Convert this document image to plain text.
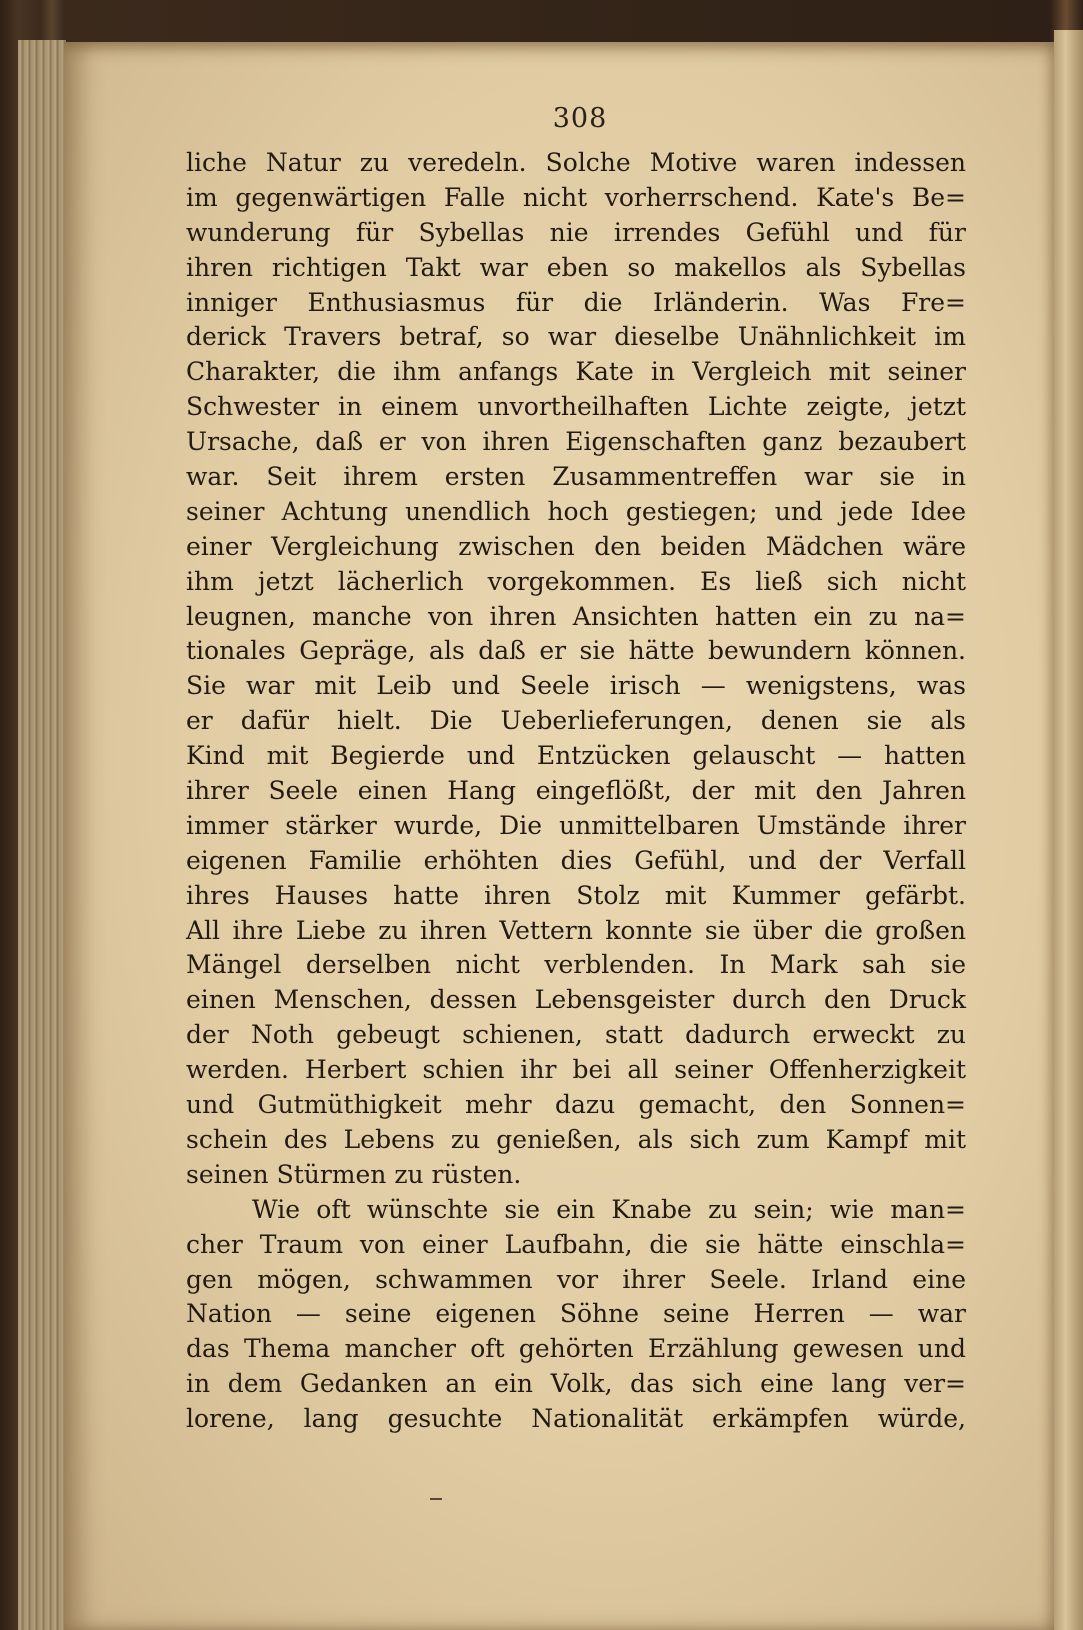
308
liche Natur zu veredeln. Solche Motive waren indessen
im gegenwärtigen Falle nicht vorherrschend. Kate's Be=
wunderung für Sybellas nie irrendes Gefühl und für
ihren richtigen Takt war eben so makellos als Sybellas
inniger Enthusiasmus für die Irländerin. Was Fre=
derick Travers betraf, so war dieselbe Unähnlichkeit im
Charakter, die ihm anfangs Kate in Vergleich mit seiner
Schwester in einem unvortheilhaften Lichte zeigte, jetzt
Ursache, daß er von ihren Eigenschaften ganz bezaubert
war. Seit ihrem ersten Zusammentreffen war sie in
seiner Achtung unendlich hoch gestiegen; und jede Idee
einer Vergleichung zwischen den beiden Mädchen wäre
ihm jetzt lächerlich vorgekommen. Es ließ sich nicht
leugnen, manche von ihren Ansichten hatten ein zu na=
tionales Gepräge, als daß er sie hätte bewundern können.
Sie war mit Leib und Seele irisch — wenigstens, was
er dafür hielt. Die Ueberlieferungen, denen sie als
Kind mit Begierde und Entzücken gelauscht — hatten
ihrer Seele einen Hang eingeflößt, der mit den Jahren
immer stärker wurde, Die unmittelbaren Umstände ihrer
eigenen Familie erhöhten dies Gefühl, und der Verfall
ihres Hauses hatte ihren Stolz mit Kummer gefärbt.
All ihre Liebe zu ihren Vettern konnte sie über die großen
Mängel derselben nicht verblenden. In Mark sah sie
einen Menschen, dessen Lebensgeister durch den Druck
der Noth gebeugt schienen, statt dadurch erweckt zu
werden. Herbert schien ihr bei all seiner Offenherzigkeit
und Gutmüthigkeit mehr dazu gemacht, den Sonnen=
schein des Lebens zu genießen, als sich zum Kampf mit
seinen Stürmen zu rüsten.
Wie oft wünschte sie ein Knabe zu sein; wie man=
cher Traum von einer Laufbahn, die sie hätte einschla=
gen mögen, schwammen vor ihrer Seele. Irland eine
Nation — seine eigenen Söhne seine Herren — war
das Thema mancher oft gehörten Erzählung gewesen und
in dem Gedanken an ein Volk, das sich eine lang ver=
lorene, lang gesuchte Nationalität erkämpfen würde,
